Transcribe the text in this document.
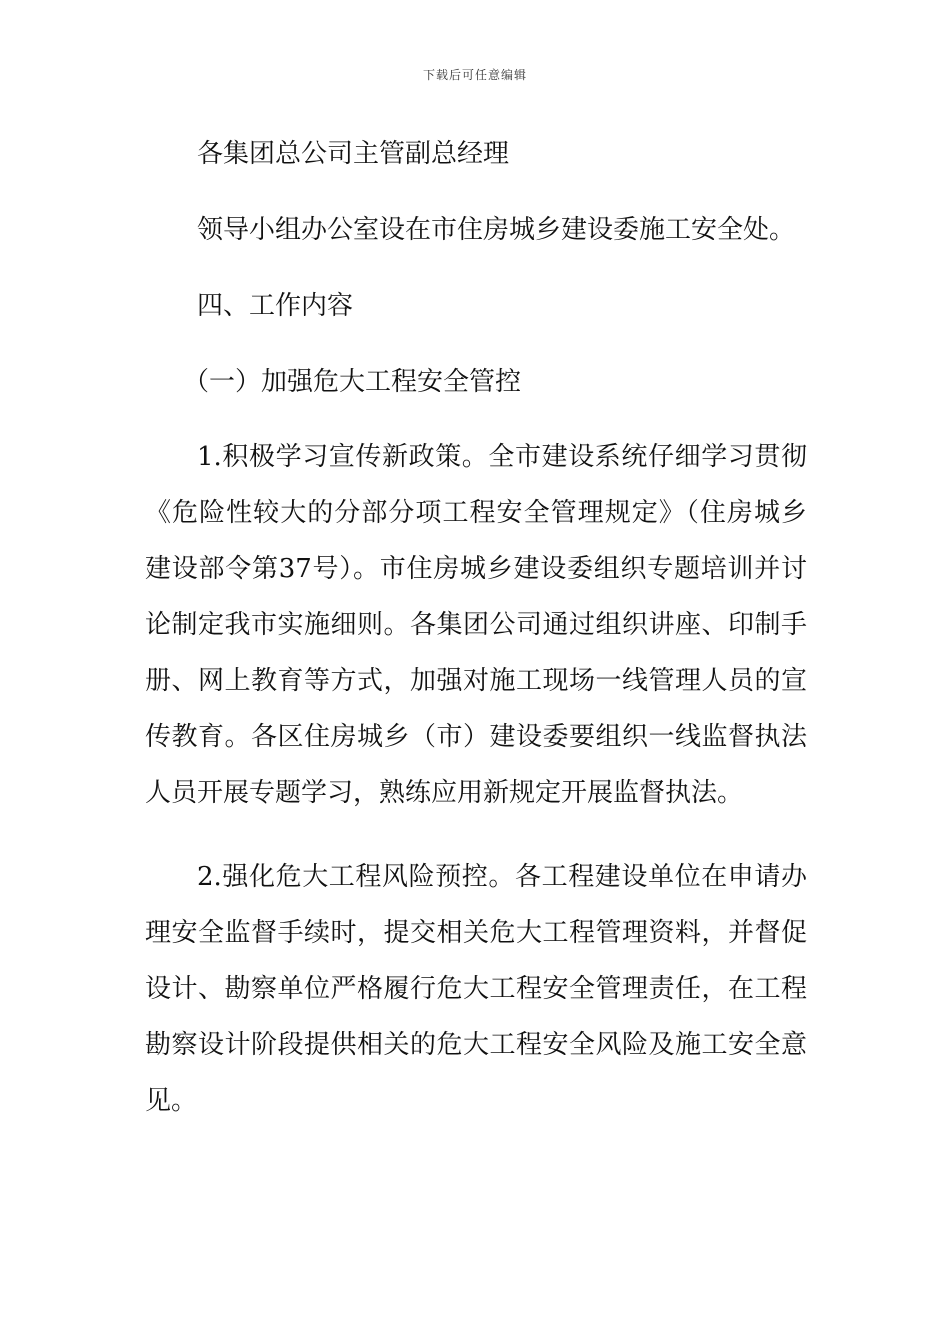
下载后可任意编辑

各集团总公司主管副总经理

领导小组办公室设在市住房城乡建设委施工安全处。

四、工作内容

（一）加强危大工程安全管控

1.积极学习宣传新政策。全市建设系统仔细学习贯彻《危险性较大的分部分项工程安全管理规定》（住房城乡建设部令第37号）。市住房城乡建设委组织专题培训并讨论制定我市实施细则。各集团公司通过组织讲座、印制手册、网上教育等方式，加强对施工现场一线管理人员的宣传教育。各区住房城乡（市）建设委要组织一线监督执法人员开展专题学习，熟练应用新规定开展监督执法。

2.强化危大工程风险预控。各工程建设单位在申请办理安全监督手续时，提交相关危大工程管理资料，并督促设计、勘察单位严格履行危大工程安全管理责任，在工程勘察设计阶段提供相关的危大工程安全风险及施工安全意见。
